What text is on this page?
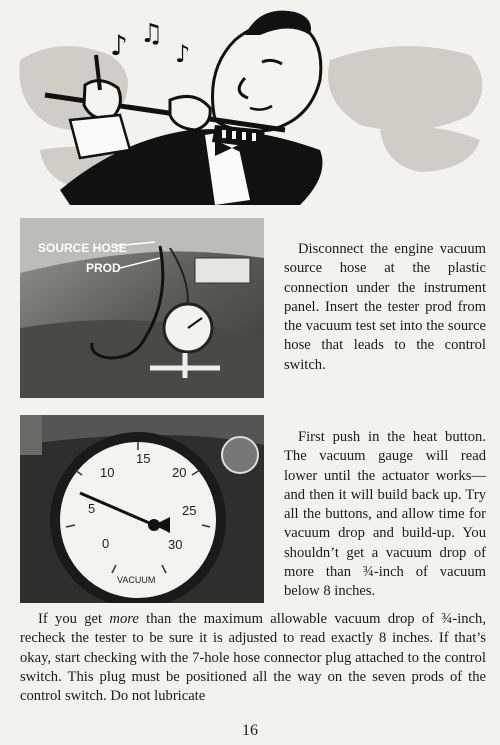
♪ ♫
♪
SOURCE HOSE
PROD

Disconnect the engine vacuum source hose at the plastic connection under the instrument panel. Insert the tester prod from the vacuum test set into the source hose that leads to the control switch.

0
5
10
15
20
25
30
VACUUM

First push in the heat button. The vacuum gauge will read lower until the actuator works—and then it will build back up. Try all the buttons, and allow time for vacuum drop and build-up. You shouldn’t get a vacuum drop of more than ¾-inch of vacuum below 8 inches.

If you get more than the maximum allowable vacuum drop of ¾-inch, recheck the tester to be sure it is adjusted to read exactly 8 inches. If that’s okay, start checking with the 7-hole hose connector plug attached to the control switch. This plug must be positioned all the way on the seven prods of the control switch. Do not lubricate

16
